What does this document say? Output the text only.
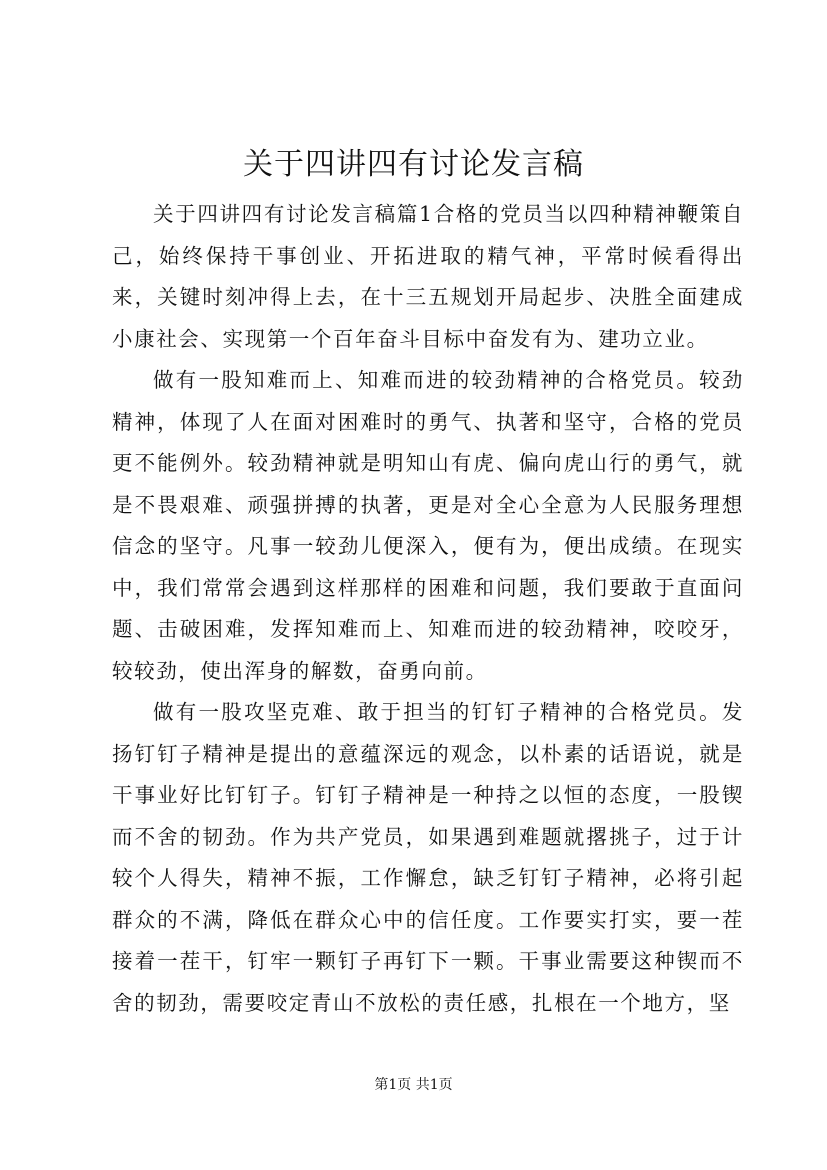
关于四讲四有讨论发言稿

关于四讲四有讨论发言稿篇1合格的党员当以四种精神鞭策自己，始终保持干事创业、开拓进取的精气神，平常时候看得出来，关键时刻冲得上去，在十三五规划开局起步、决胜全面建成小康社会、实现第一个百年奋斗目标中奋发有为、建功立业。

做有一股知难而上、知难而进的较劲精神的合格党员。较劲精神，体现了人在面对困难时的勇气、执著和坚守，合格的党员更不能例外。较劲精神就是明知山有虎、偏向虎山行的勇气，就是不畏艰难、顽强拼搏的执著，更是对全心全意为人民服务理想信念的坚守。凡事一较劲儿便深入，便有为，便出成绩。在现实中，我们常常会遇到这样那样的困难和问题，我们要敢于直面问题、击破困难，发挥知难而上、知难而进的较劲精神，咬咬牙，较较劲，使出浑身的解数，奋勇向前。

做有一股攻坚克难、敢于担当的钉钉子精神的合格党员。发扬钉钉子精神是提出的意蕴深远的观念，以朴素的话语说，就是干事业好比钉钉子。钉钉子精神是一种持之以恒的态度，一股锲而不舍的韧劲。作为共产党员，如果遇到难题就撂挑子，过于计较个人得失，精神不振，工作懈怠，缺乏钉钉子精神，必将引起群众的不满，降低在群众心中的信任度。工作要实打实，要一茬接着一茬干，钉牢一颗钉子再钉下一颗。干事业需要这种锲而不舍的韧劲，需要咬定青山不放松的责任感，扎根在一个地方，坚

第1页 共1页
